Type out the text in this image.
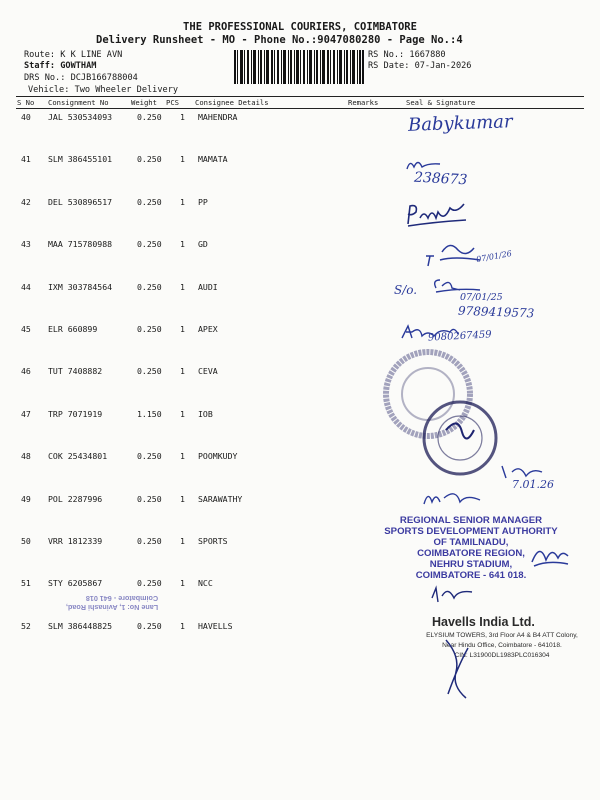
THE PROFESSIONAL COURIERS, COIMBATORE
Delivery Runsheet - MO - Phone No.:9047080280 - Page No.:4
Route: K K LINE AVN
Staff: GOWTHAM
DRS No.: DCJB166788004
Vehicle: Two Wheeler Delivery
RS No.: 1667880
RS Date: 07-Jan-2026
S No Consignment No	Weight PCS Consignee Details	Remarks	Seal & Signature
40 JAL 530534093	0.250 1 MAHENDRA
41 SLM 386455101	0.250 1 MAMATA
42 DEL 530896517	0.250 1 PP
43 MAA 715780988	0.250 1 GD
44 IXM 303784564	0.250 1 AUDI
45 ELR 660899	0.250 1 APEX
46 TUT 7408882	0.250 1 CEVA
47 TRP 7071919	1.150 1 IOB
48 COK 25434801	0.250 1 POOMKUDY
49 POL 2287996	0.250 1 SARAWATHY
50 VRR 1812339	0.250 1 SPORTS
51 STY 6205867	0.250 1 NCC
52 SLM 386448825	0.250 1 HAVELLS
Babykumar
238673
07/01/26
S/o.
07/01/25
9789419573
9080267459
7.01.26
REGIONAL SENIOR MANAGER
SPORTS DEVELOPMENT AUTHORITY
OF TAMILNADU,
COIMBATORE REGION,
NEHRU STADIUM,
COIMBATORE - 641 018.
Lane No: 1, Avinashi Road,
Coimbatore - 641 018
Havells India Ltd.
ELYSIUM TOWERS, 3rd Floor A4 & B4 ATT Colony,
Near Hindu Office, Coimbatore - 641018.
CIN: L31900DL1983PLC016304
